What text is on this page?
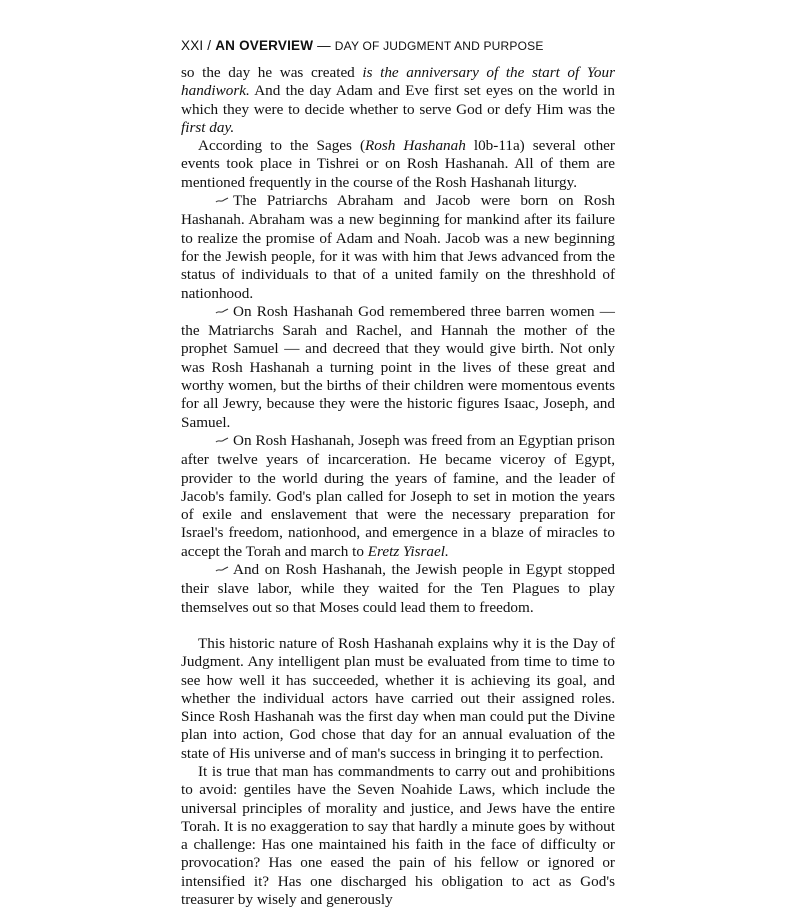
XXI / AN OVERVIEW — DAY OF JUDGMENT AND PURPOSE

so the day he was created is the anniversary of the start of Your handiwork. And the day Adam and Eve first set eyes on the world in which they were to decide whether to serve God or defy Him was the first day.

According to the Sages (Rosh Hashanah l0b-11a) several other events took place in Tishrei or on Rosh Hashanah. All of them are mentioned frequently in the course of the Rosh Hashanah liturgy.

The Patriarchs Abraham and Jacob were born on Rosh Hashanah. Abraham was a new beginning for mankind after its failure to realize the promise of Adam and Noah. Jacob was a new beginning for the Jewish people, for it was with him that Jews advanced from the status of individuals to that of a united family on the threshhold of nationhood.

On Rosh Hashanah God remembered three barren women — the Matriarchs Sarah and Rachel, and Hannah the mother of the prophet Samuel — and decreed that they would give birth. Not only was Rosh Hashanah a turning point in the lives of these great and worthy women, but the births of their children were momentous events for all Jewry, because they were the historic figures Isaac, Joseph, and Samuel.

On Rosh Hashanah, Joseph was freed from an Egyptian prison after twelve years of incarceration. He became viceroy of Egypt, provider to the world during the years of famine, and the leader of Jacob's family. God's plan called for Joseph to set in motion the years of exile and enslavement that were the necessary preparation for Israel's freedom, nationhood, and emergence in a blaze of miracles to accept the Torah and march to Eretz Yisrael.

And on Rosh Hashanah, the Jewish people in Egypt stopped their slave labor, while they waited for the Ten Plagues to play themselves out so that Moses could lead them to freedom.

This historic nature of Rosh Hashanah explains why it is the Day of Judgment. Any intelligent plan must be evaluated from time to time to see how well it has succeeded, whether it is achieving its goal, and whether the individual actors have carried out their assigned roles. Since Rosh Hashanah was the first day when man could put the Divine plan into action, God chose that day for an annual evaluation of the state of His universe and of man's success in bringing it to perfection.

It is true that man has commandments to carry out and prohibitions to avoid: gentiles have the Seven Noahide Laws, which include the universal principles of morality and justice, and Jews have the entire Torah. It is no exaggeration to say that hardly a minute goes by without a challenge: Has one maintained his faith in the face of difficulty or provocation? Has one eased the pain of his fellow or ignored or intensified it? Has one discharged his obligation to act as God's treasurer by wisely and generously
